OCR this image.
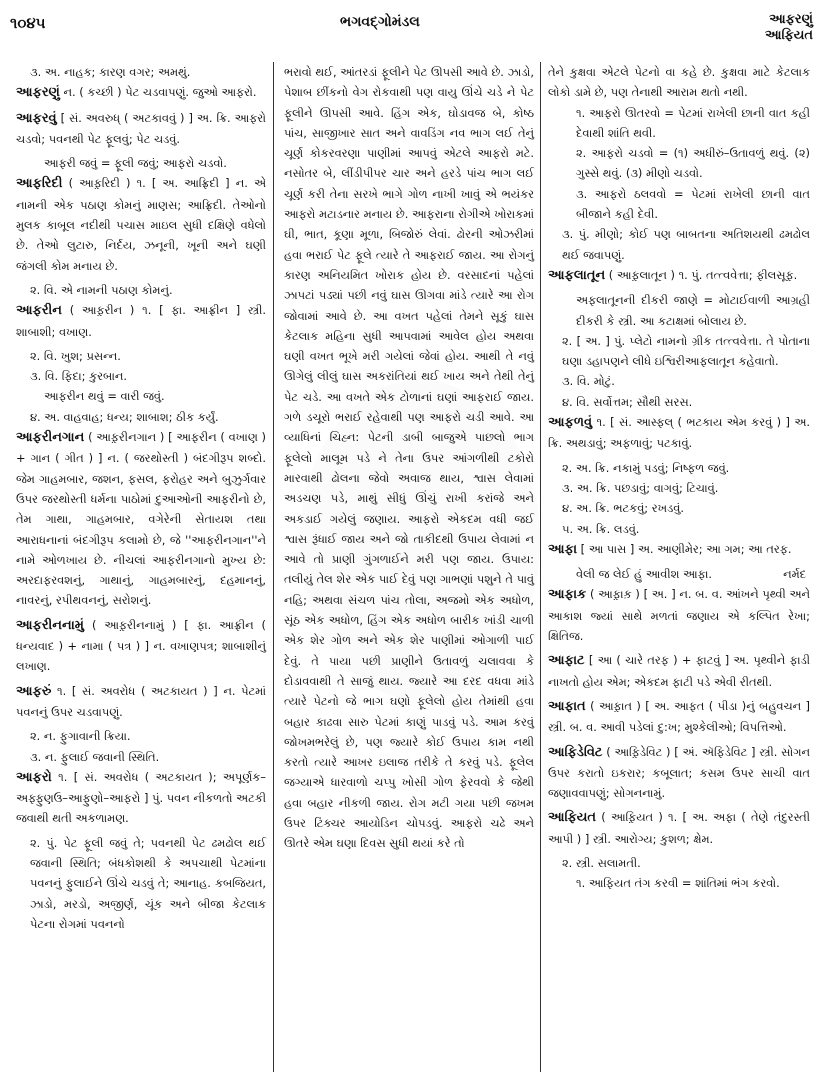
૧૦૪૫	ભગવદ્ગોમંડલ	આફરણું
આફિયત
૩. અ. નાહક; કારણ વગર; અમથું.
આફરણું ન. ( કચ્છી ) પેટ ચડવાપણું. જુઓ આફરો.
આફરવું [ સં. અવરુધ્ ( અટકાવવું ) ] અ. ક્રિ. આફરો ચડવો; પવનથી પેટ ફૂલવું; પેટ ચડવું.
આફરી જવું = ફૂલી જવું; આફરો ચડવો.
આફરિદી ( આફ઼રિદી ) ૧. [ અ. આફ્રિદી ] ન. એ નામની એક પઠાણ કોમનું માણસ; આફ્રિદી. તેઓનો મુલક કાબૂલ નદીથી પચાસ માઇલ સુધી દક્ષિણે વધેલો છે. તેઓ લુટારુ, નિર્દય, ઝનૂની, ખૂની અને ઘણી જંગલી કોમ મનાય છે.
૨. વિ. એ નામની પઠાણ કોમનું.
આફરીન ( આફ઼રીન ) ૧. [ ફા. આફ્રીન ] સ્ત્રી. શાબાશી; વખાણ.
૨. વિ. ખુશ; પ્રસન્ન.
૩. વિ. ફિદા; કુરબાન.
આફરીન થવું = વારી જવું.
૪. અ. વાહવાહ; ધન્ય; શાબાશ; ઠીક કર્યું.
આફરીનગાન ( આફ઼રીનગાન ) [ આફરીન ( વખાણ ) + ગાન ( ગીત ) ] ન. ( જરથોસ્તી ) બંદગીરૂપ શબ્દો. જેમ ગાહમબાર, જશન, ફસલ, ફરોહર અને બુઝુર્ગવાર ઉપર જરથોસ્તી ધર્મના પાઠોમાં દુઆઓની આફરીનો છે, તેમ ગાથા, ગાહમબાર, વગેરેની સેતાયશ તથા આરાધનાનાં બંદગીરૂપ કલામો છે, જે ''આફરીનગાન''ને નામે ઓળખાય છે. નીચલાં આફરીનગાનો મુખ્ય છે: અરદાફરવશનું, ગાથાનું, ગાહમબારનું, દહમાનનું, નાવરનું, રપીથવનનું, સરોશનું.
આફરીનનામું ( આફ઼રીનનામું ) [ ફા. આફ્રીન ( ધન્યવાદ ) + નામા ( પત્ર ) ] ન. વખાણપત્ર; શાબાશીનું લખાણ.
આફરું ૧. [ સં. અવરોધ ( અટકાયત ) ] ન. પેટમાં પવનનું ઉપર ચડવાપણું.
૨. ન. ફુગાવાની ક્રિયા.
૩. ન. ફુલાઈ જવાની સ્થિતિ.
આફરો ૧. [ સં. અવરોધ ( અટકાયત ); અપૂર્ણક–અફ્ફુણઉ–આફુણો–આફરો ] પું. પવન નીકળતો અટકી જવાથી થતી અકળામણ.
૨. પું. પેટ ફૂલી જવું તે; પવનથી પેટ ઢમઢોલ થઈ જવાની સ્થિતિ; બંધકોશથી કે અપચાથી પેટમાંના પવનનું ફુલાઈને ઊંચે ચડવું તે; આનાહ. કબજિયત, ઝાડો, મરડો, અજીર્ણ, ચૂંક અને બીજા કેટલાક પેટના રોગમાં પવનનો
ભરાવો થઈ, આંતરડાં ફૂલીને પેટ ઊપસી આવે છે. ઝાડો, પેશાબ છીંકનો વેગ રોકવાથી પણ વાયુ ઊંચે ચડે ને પેટ ફૂલીને ઊપસી આવે. હિંગ એક, ઘોડાવજ બે, કોષ્ઠ પાંચ, સાજીખાર સાત અને વાવડિંગ નવ ભાગ લઈ તેનું ચૂર્ણ કોકરવરણા પાણીમાં આપવું એટલે આફરો મટે. નસોતર બે, લીંડીપીપર ચાર અને હરડે પાંચ ભાગ લઈ ચૂર્ણ કરી તેના સરખે ભાગે ગોળ નાખી ખાવું એ ભયંકર આફરો મટાડનાર મનાય છે. આફરાના રોગીએ ખોરાકમાં ઘી, ભાત, કૂણા મૂળા, બિજોરું લેવાં. ઢોરની ઓઝરીમાં હવા ભરાઈ પેટ ફૂલે ત્યારે તે આફરાઈ જાય. આ રોગનું કારણ અનિયમિત ખોરાક હોય છે. વરસાદનાં પહેલાં ઝાપટાં પડ્યાં પછી નવું ઘાસ ઊગવા માંડે ત્યારે આ રોગ જોવામાં આવે છે. આ વખત પહેલાં તેમને સૂકું ઘાસ કેટલાક મહિના સુધી આપવામાં આવેલ હોય અથવા ઘણી વખત ભૂખે મરી ગયેલાં જેવાં હોય. આથી તે નવું ઊગેલું લીલું ઘાસ અકરાંતિયાં થઈ ખાય અને તેથી તેનું પેટ ચડે. આ વખતે એક ટોળાનાં ઘણાં આફરાઈ જાય. ગળે ડચૂરો ભરાઈ રહેવાથી પણ આફરો ચડી આવે. આ વ્યાધિનાં ચિહ્ન: પેટની ડાબી બાજુએ પાછલો ભાગ ફૂલેલો માલૂમ પડે ને તેના ઉપર આંગળીથી ટકોરો મારવાથી ઢોલના જેવો અવાજ થાય, શ્વાસ લેવામાં અડચણ પડે, માથું સીધું ઊંચું રાખી કરાંજે અને અકડાઈ ગયેલું જણાય. આફરો એકદમ વધી જઈ શ્વાસ રૂંધાઈ જાય અને જો તાકીદથી ઉપાય લેવામાં ન આવે તો પ્રાણી ગુંગળાઈને મરી પણ જાય. ઉપાય: તલીયું તેલ શેર એક પાઈ દેવું પણ ગાભણાં પશુને તે પાવું નહિ; અથવા સંચળ પાંચ તોલા, અજમો એક અધોળ, સૂંઠ એક અધોળ, હિંગ એક અધોળ બારીક ખાંડી ચાળી એક શેર ગોળ અને એક શેર પાણીમાં ઓગાળી પાઈ દેવું. તે પાયા પછી પ્રાણીને ઉતાવળું ચલાવવા કે દોડાવવાથી તે સાજું થાય. જ્યારે આ દરદ વધવા માંડે ત્યારે પેટનો જે ભાગ ઘણો ફૂલેલો હોય તેમાંથી હવા બહાર કાઢવા સારુ પેટમાં કાણું પાડવું પડે. આમ કરવું જોખમભરેલું છે, પણ જ્યારે કોઈ ઉપાય કામ નથી કરતો ત્યારે આખર ઇલાજ તરીકે તે કરવું પડે. ફૂલેલ જગ્યાએ ધારવાળો ચપ્પુ ખોસી ગોળ ફેરવવો કે જેથી હવા બહાર નીકળી જાય. રોગ મટી ગયા પછી જખમ ઉપર ટિંક્ચર આયોડિન ચોપડવું. આફરો ચઢે અને ઊતરે એમ ઘણા દિવસ સુધી થયાં કરે તો
તેને કુક્ષવા એટલે પેટનો વા કહે છે. કુક્ષવા માટે કેટલાક લોકો ડામે છે, પણ તેનાથી આરામ થતો નથી.
૧. આફરો ઊતરવો = પેટમાં રાખેલી છાની વાત કહી દેવાથી શાંતિ થવી.
૨. આફરો ચડવો = (૧) અધીરું–ઉતાવળું થવું. (૨) ગુસ્સે થવું. (૩) મીણો ચડવો.
૩. આફરો ઠલવવો = પેટમાં રાખેલી છાની વાત બીજાને કહી દેવી.
૩. પું. મીણો; કોઈ પણ બાબતના અતિશયથી ઢમઢોલ થઈ જવાપણું.
આફલાતૂન ( આફ઼લાતૂન ) ૧. પું. તત્ત્વવેત્તા; ફીલસૂફ.
અફલાતૂનની દીકરી જાણે = મોટાઈવાળી આગ્રહી દીકરી કે સ્ત્રી. આ કટાક્ષમાં બોલાય છે.
૨. [ અ. ] પું. પ્લેટો નામનો ગ્રીક તત્ત્વવેત્તા. તે પોતાના ઘણા ડહાપણને લીધે ઇશ્વિરીઆફલાતૂન કહેવાતો.
૩. વિ. મોટું.
૪. વિ. સર્વોત્તમ; સૌથી સરસ.
આફળવું ૧. [ સં. આસ્ફલ્ ( ભટકાય એમ કરવું ) ] અ. ક્રિ. અથડાવું; અફળાવું; પટકાવું.
૨. અ. ક્રિ. નકામું પડવું; નિષ્ફળ જવું.
૩. અ. ક્રિ. પછડાવું; વાગવું; ટિચાવું.
૪. અ. ક્રિ. ભટકવું; રખડવું.
૫. અ. ક્રિ. લડવું.
આફા [ આ પાસ ] અ. આણીમેર; આ ગમ; આ તરફ.
વેલી જ લેઈ હું આવીશ આફા.	નર્મદ
આફાક ( આફ઼ાક઼ ) [ અ. ] ન. બ. વ. આંખને પૃથ્વી અને આકાશ જ્યાં સાથે મળતાં જણાય એ કલ્પિત રેખા; ક્ષિતિજ.
આફાટ [ આ ( ચારે તરફ ) + ફાટવું ] અ. પૃથ્વીને ફાડી નાખતો હોય એમ; એકદમ ફાટી પડે એવી રીતથી.
આફાત ( આફ઼ાત ) [ અ. આફત ( પીડા )નું બહુવચન ] સ્ત્રી. બ. વ. આવી પડેલાં દુ:ખ; મુશ્કેલીઓ; વિપત્તિઓ.
આફિડેવિટ ( આફ઼િડેવિટ ) [ અં. ઍફિડેવિટ ] સ્ત્રી. સોગન ઉપર કરાતો ઇકરાર; કબૂલાત; કસમ ઉપર સાચી વાત જણાવવાપણું; સોગનનામું.
આફિયત ( આફ઼િયત ) ૧. [ અ. અફા ( તેણે તંદુરસ્તી આપી ) ] સ્ત્રી. આરોગ્ય; કુશળ; ક્ષેમ.
૨. સ્ત્રી. સલામતી.
૧. આફિયત તંગ કરવી = શાંતિમાં ભંગ કરવો.
